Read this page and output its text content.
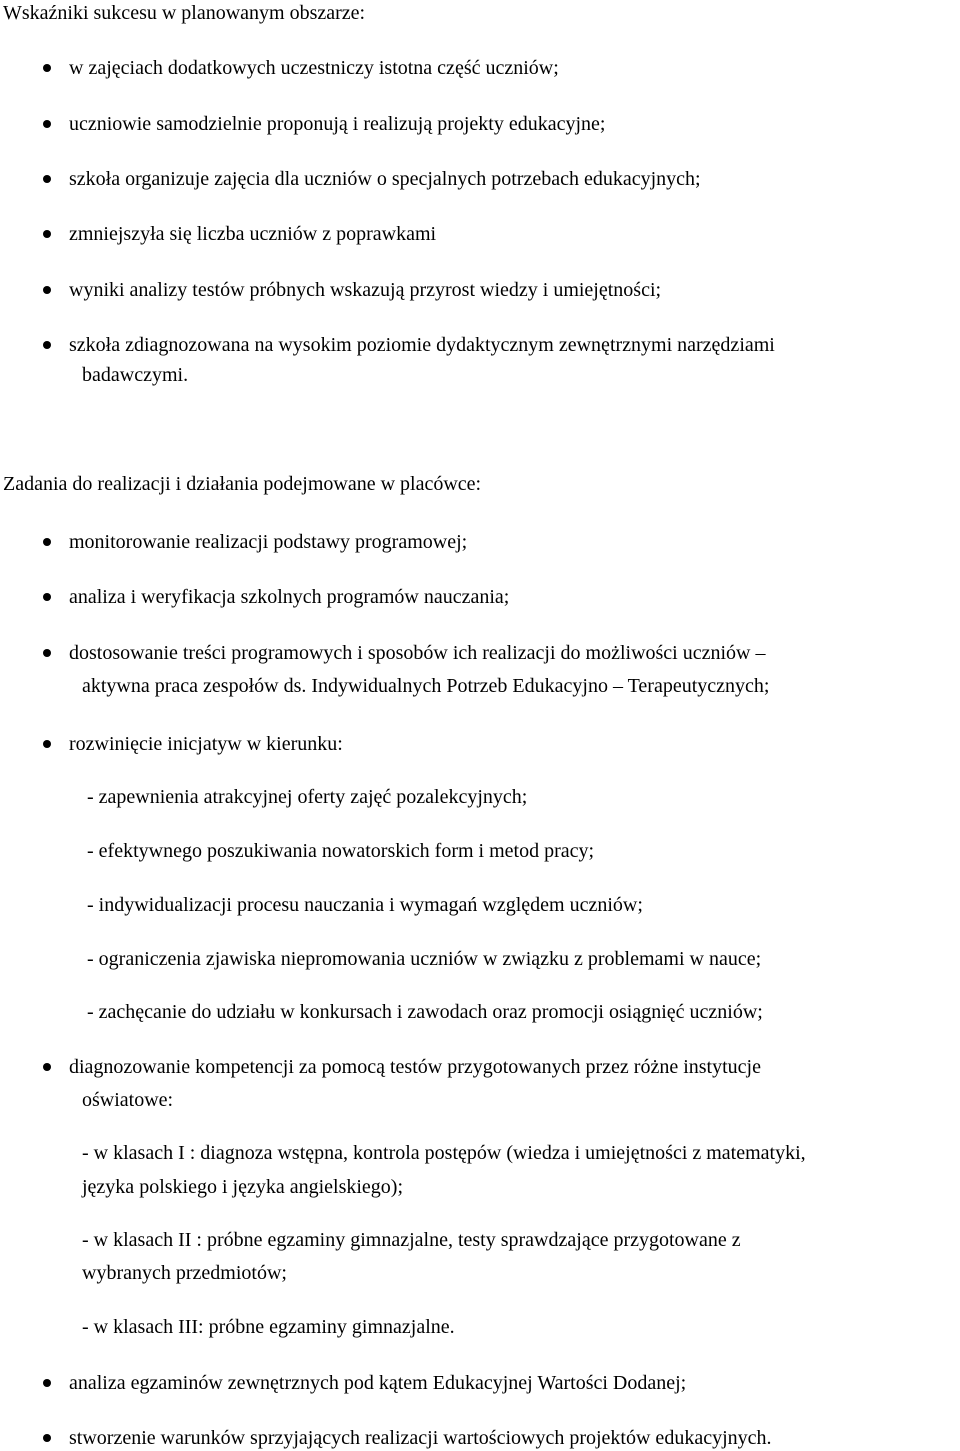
Wskaźniki sukcesu w planowanym obszarze:
w zajęciach dodatkowych uczestniczy istotna część uczniów;
uczniowie samodzielnie proponują i realizują projekty edukacyjne;
szkoła organizuje zajęcia dla uczniów o specjalnych potrzebach edukacyjnych;
zmniejszyła się liczba uczniów z poprawkami
wyniki analizy testów próbnych wskazują przyrost wiedzy i umiejętności;
szkoła zdiagnozowana na wysokim poziomie dydaktycznym zewnętrznymi narzędziami
badawczymi.
Zadania do realizacji i działania podejmowane w placówce:
monitorowanie realizacji podstawy programowej;
analiza i weryfikacja szkolnych programów nauczania;
dostosowanie treści programowych i sposobów ich realizacji do możliwości uczniów –
aktywna praca zespołów ds. Indywidualnych Potrzeb Edukacyjno – Terapeutycznych;
rozwinięcie inicjatyw w kierunku:
- zapewnienia atrakcyjnej oferty zajęć pozalekcyjnych;
- efektywnego poszukiwania nowatorskich form i metod pracy;
- indywidualizacji procesu nauczania i wymagań względem uczniów;
- ograniczenia zjawiska niepromowania uczniów w związku z problemami w nauce;
- zachęcanie do udziału w konkursach i zawodach oraz promocji osiągnięć uczniów;
diagnozowanie kompetencji za pomocą testów przygotowanych przez różne instytucje
oświatowe:
- w klasach I : diagnoza wstępna, kontrola postępów (wiedza i umiejętności z matematyki,
języka polskiego i języka angielskiego);
- w klasach II : próbne egzaminy gimnazjalne, testy sprawdzające przygotowane z
wybranych przedmiotów;
- w klasach III: próbne egzaminy gimnazjalne.
analiza egzaminów zewnętrznych pod kątem Edukacyjnej Wartości Dodanej;
stworzenie warunków sprzyjających realizacji wartościowych projektów edukacyjnych.
